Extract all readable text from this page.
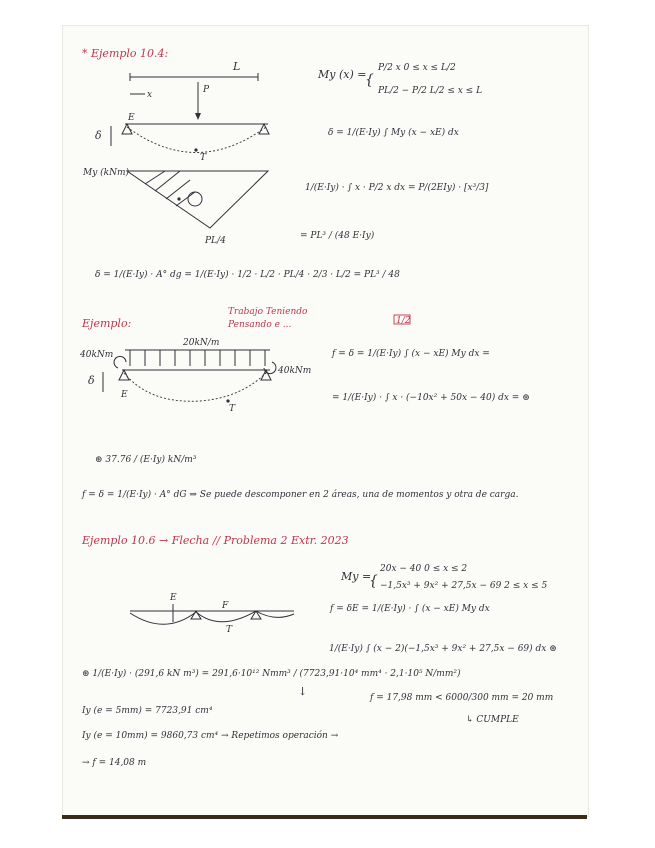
* Ejemplo 10.4:
L
x	P
δ
E
T
My (kNm)
PL/4
My (x) =
{
P/2 x 0 ≤ x ≤ L/2
PL/2 − P/2 L/2 ≤ x ≤ L
δ = 1/(E·Iy) ∫ My (x − xE) dx
1/(E·Iy) · ∫ x · P/2 x dx = P/(2EIy) · [x³/3]
= PL³ / (48 E·Iy)
δ = 1/(E·Iy) · A° dg = 1/(E·Iy) · 1/2 · L/2 · PL/4 · 2/3 · L/2 = PL³ / 48
Trabajo Teniendo
Pensando e ...	1/2
Ejemplo:
20kN/m
40kNm
40kNm
δ
E
T
f = δ = 1/(E·Iy) ∫ (x − xE) My dx =
= 1/(E·Iy) · ∫ x · (−10x² + 50x − 40) dx = ⊛
⊛ 37.76 / (E·Iy) kN/m³
f = δ = 1/(E·Iy) · A° dG ⇒ Se puede descomponer en 2 áreas, una de momentos y otra de carga.
Ejemplo 10.6 → Flecha // Problema 2 Extr. 2023
My =
{
20x − 40 0 ≤ x ≤ 2
−1,5x³ + 9x² + 27,5x − 69 2 ≤ x ≤ 5
E
F
T
f = δE = 1/(E·Iy) · ∫ (x − xE) My dx
1/(E·Iy) ∫ (x − 2)(−1,5x³ + 9x² + 27,5x − 69) dx ⊛
⊛ 1/(E·Iy) · (291,6 kN m³) = 291,6·10¹² Nmm³ / (7723,91·10⁴ mm⁴ · 2,1·10⁵ N/mm²)
↓
Iy (e = 5mm) = 7723,91 cm⁴
f = 17,98 mm < 6000/300 mm = 20 mm
↳ CUMPLE
Iy (e = 10mm) = 9860,73 cm⁴ → Repetimos operación →
→ f = 14,08 m
